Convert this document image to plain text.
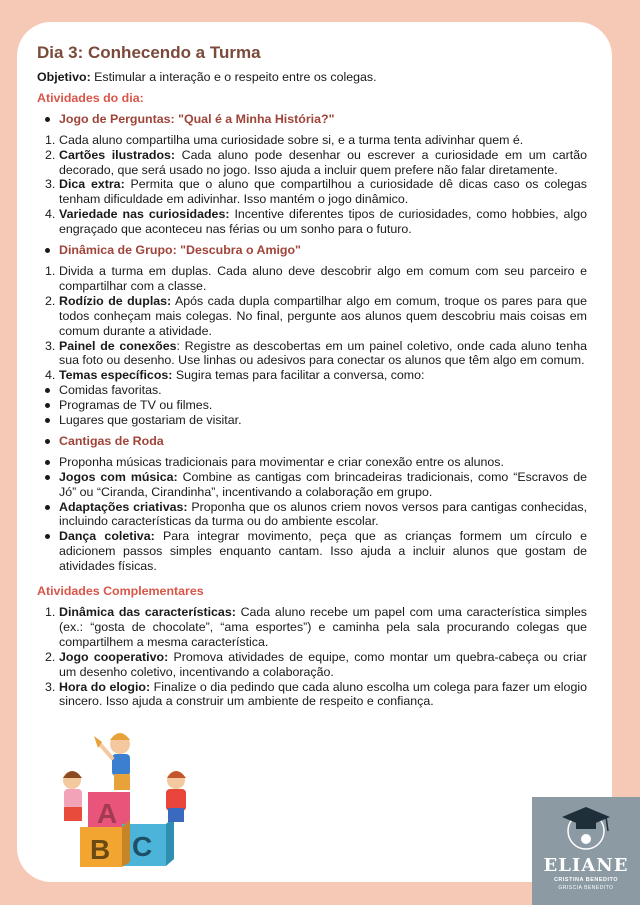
Dia 3: Conhecendo a Turma

Objetivo: Estimular a interação e o respeito entre os colegas.

Atividades do dia:
Jogo de Perguntas: "Qual é a Minha História?"
1. Cada aluno compartilha uma curiosidade sobre si, e a turma tenta adivinhar quem é.
2. Cartões ilustrados: Cada aluno pode desenhar ou escrever a curiosidade em um cartão decorado, que será usado no jogo. Isso ajuda a incluir quem prefere não falar diretamente.
3. Dica extra: Permita que o aluno que compartilhou a curiosidade dê dicas caso os colegas tenham dificuldade em adivinhar. Isso mantém o jogo dinâmico.
4. Variedade nas curiosidades: Incentive diferentes tipos de curiosidades, como hobbies, algo engraçado que aconteceu nas férias ou um sonho para o futuro.
Dinâmica de Grupo: "Descubra o Amigo"
1. Divida a turma em duplas. Cada aluno deve descobrir algo em comum com seu parceiro e compartilhar com a classe.
2. Rodízio de duplas: Após cada dupla compartilhar algo em comum, troque os pares para que todos conheçam mais colegas. No final, pergunte aos alunos quem descobriu mais coisas em comum durante a atividade.
3. Painel de conexões: Registre as descobertas em um painel coletivo, onde cada aluno tenha sua foto ou desenho. Use linhas ou adesivos para conectar os alunos que têm algo em comum.
4. Temas específicos: Sugira temas para facilitar a conversa, como:
Comidas favoritas.
Programas de TV ou filmes.
Lugares que gostariam de visitar.
Cantigas de Roda
Proponha músicas tradicionais para movimentar e criar conexão entre os alunos.
Jogos com música: Combine as cantigas com brincadeiras tradicionais, como “Escravos de Jó” ou “Ciranda, Cirandinha”, incentivando a colaboração em grupo.
Adaptações criativas: Proponha que os alunos criem novos versos para cantigas conhecidas, incluindo características da turma ou do ambiente escolar.
Dança coletiva: Para integrar movimento, peça que as crianças formem um círculo e adicionem passos simples enquanto cantam. Isso ajuda a incluir alunos que gostam de atividades físicas.
Atividades Complementares
1. Dinâmica das características: Cada aluno recebe um papel com uma característica simples (ex.: “gosta de chocolate”, “ama esportes”) e caminha pela sala procurando colegas que compartilhem a mesma característica.
2. Jogo cooperativo: Promova atividades de equipe, como montar um quebra-cabeça ou criar um desenho coletivo, incentivando a colaboração.
3. Hora do elogio: Finalize o dia pedindo que cada aluno escolha um colega para fazer um elogio sincero. Isso ajuda a construir um ambiente de respeito e confiança.
A
B C
ELIANE
CRISTINA BENEDITO
GRISCIA BENEDITO
